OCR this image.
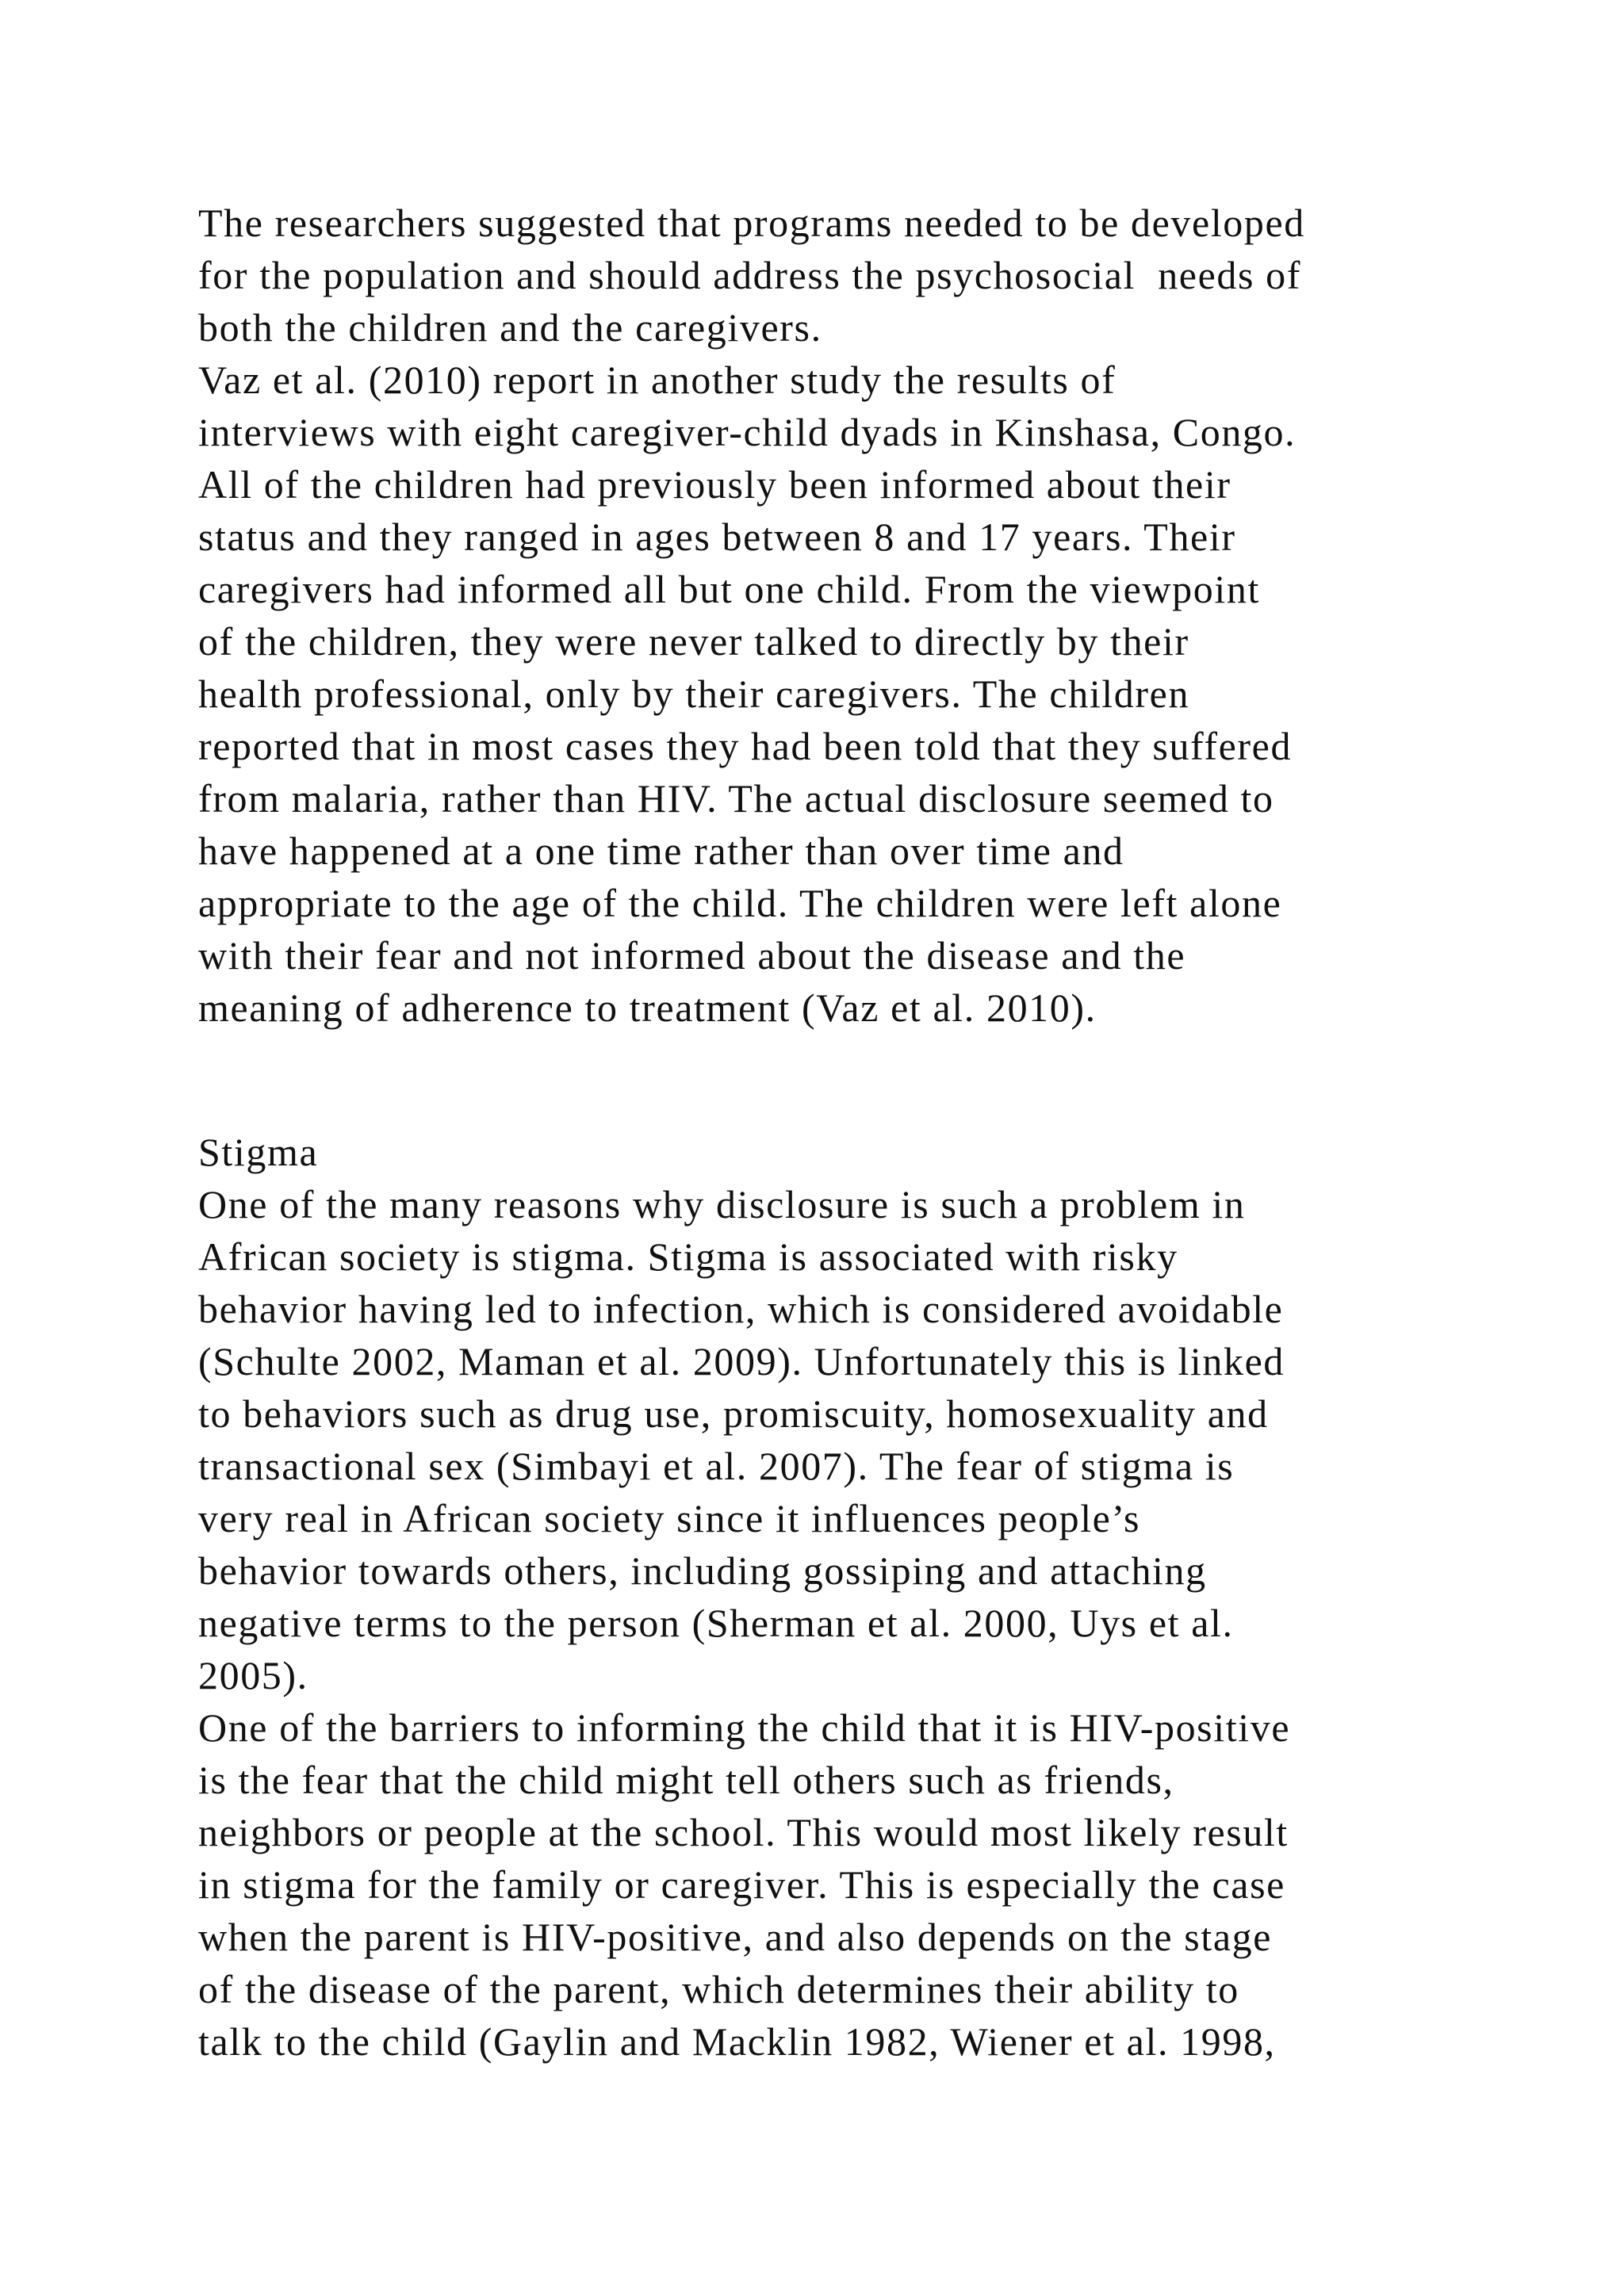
The researchers suggested that programs needed to be developed
for the population and should address the psychosocial  needs of
both the children and the caregivers.
Vaz et al. (2010) report in another study the results of
interviews with eight caregiver-child dyads in Kinshasa, Congo.
All of the children had previously been informed about their
status and they ranged in ages between 8 and 17 years. Their
caregivers had informed all but one child. From the viewpoint
of the children, they were never talked to directly by their
health professional, only by their caregivers. The children
reported that in most cases they had been told that they suffered
from malaria, rather than HIV. The actual disclosure seemed to
have happened at a one time rather than over time and
appropriate to the age of the child. The children were left alone
with their fear and not informed about the disease and the
meaning of adherence to treatment (Vaz et al. 2010).
Stigma
One of the many reasons why disclosure is such a problem in
African society is stigma. Stigma is associated with risky
behavior having led to infection, which is considered avoidable
(Schulte 2002, Maman et al. 2009). Unfortunately this is linked
to behaviors such as drug use, promiscuity, homosexuality and
transactional sex (Simbayi et al. 2007). The fear of stigma is
very real in African society since it influences people’s
behavior towards others, including gossiping and attaching
negative terms to the person (Sherman et al. 2000, Uys et al.
2005).
One of the barriers to informing the child that it is HIV-positive
is the fear that the child might tell others such as friends,
neighbors or people at the school. This would most likely result
in stigma for the family or caregiver. This is especially the case
when the parent is HIV-positive, and also depends on the stage
of the disease of the parent, which determines their ability to
talk to the child (Gaylin and Macklin 1982, Wiener et al. 1998,
